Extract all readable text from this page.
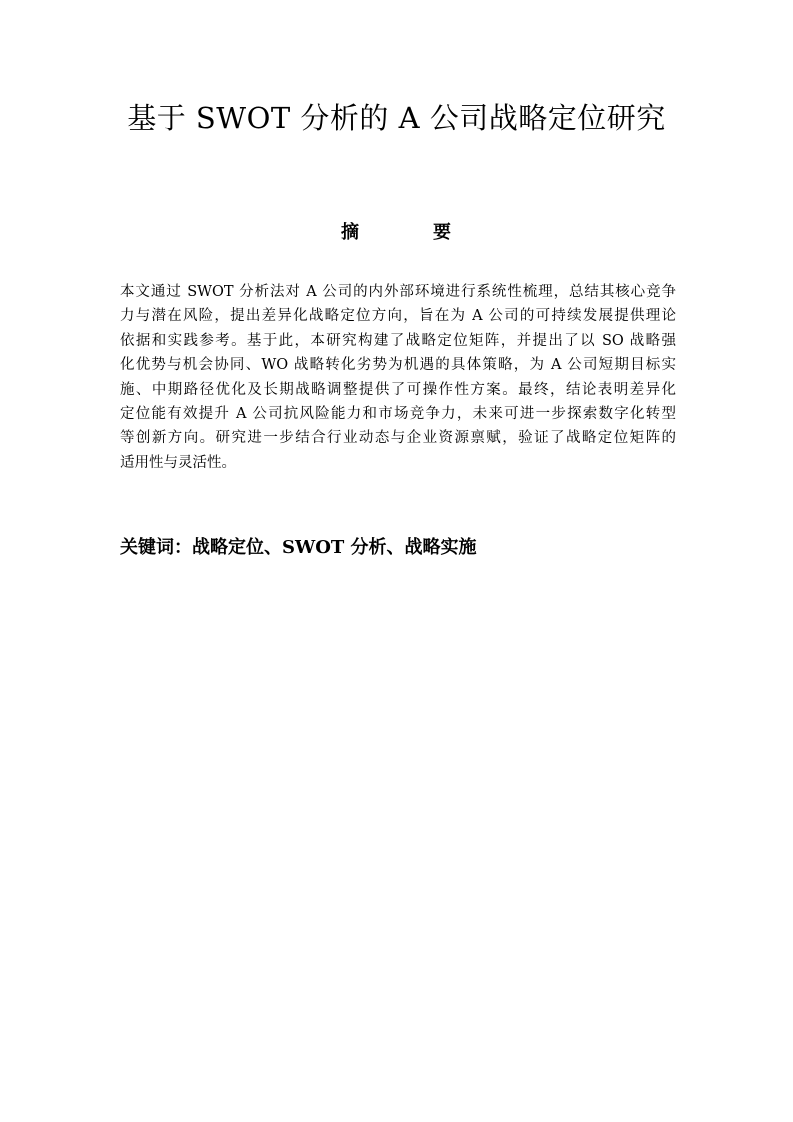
基于 SWOT 分析的 A 公司战略定位研究
摘	要
本文通过 SWOT 分析法对 A 公司的内外部环境进行系统性梳理，总结其核心竞争
力与潜在风险，提出差异化战略定位方向，旨在为 A 公司的可持续发展提供理论
依据和实践参考。基于此，本研究构建了战略定位矩阵，并提出了以 SO 战略强
化优势与机会协同、WO 战略转化劣势为机遇的具体策略，为 A 公司短期目标实
施、中期路径优化及长期战略调整提供了可操作性方案。最终，结论表明差异化
定位能有效提升 A 公司抗风险能力和市场竞争力，未来可进一步探索数字化转型
等创新方向。研究进一步结合行业动态与企业资源禀赋，验证了战略定位矩阵的
适用性与灵活性。
关键词：战略定位、SWOT 分析、战略实施
